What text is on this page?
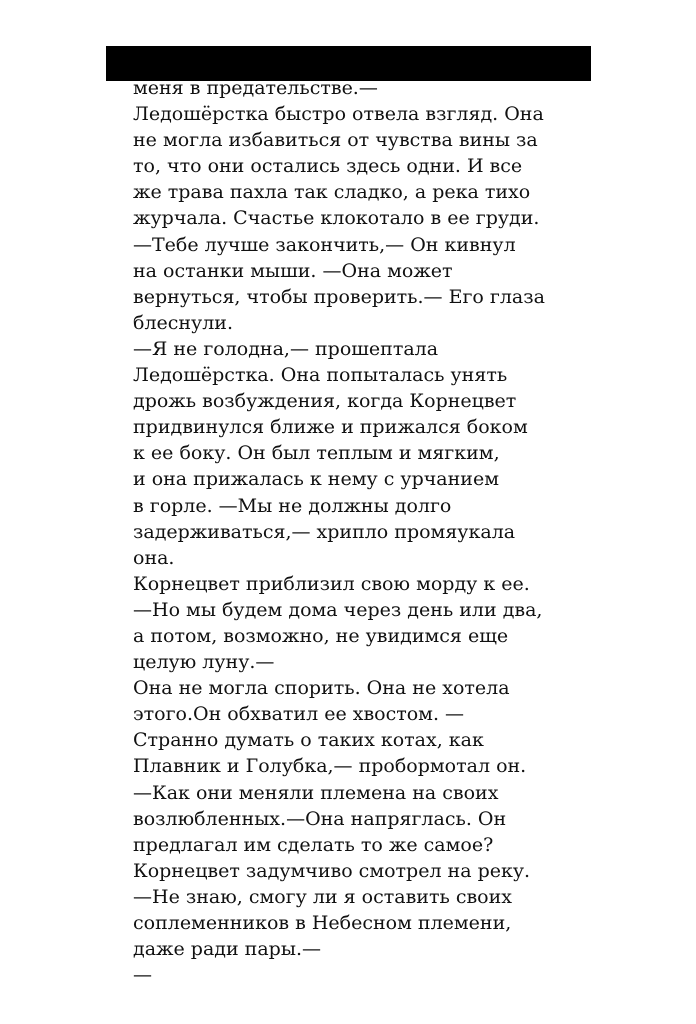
меня в предательстве.—
Ледошёрстка быстро отвела взгляд. Она
не могла избавиться от чувства вины за
то, что они остались здесь одни. И все
же трава пахла так сладко, а река тихо
журчала. Счастье клокотало в ее груди.
—Тебе лучше закончить,— Он кивнул
на останки мыши. —Она может
вернуться, чтобы проверить.— Его глаза
блеснули.
—Я не голодна,— прошептала
Ледошёрстка. Она попыталась унять
дрожь возбуждения, когда Корнецвет
придвинулся ближе и прижался боком
к ее боку. Он был теплым и мягким,
и она прижалась к нему с урчанием
в горле. —Мы не должны долго
задерживаться,— хрипло промяукала
она.
Корнецвет приблизил свою морду к ее.
—Но мы будем дома через день или два,
а потом, возможно, не увидимся еще
целую луну.—
Она не могла спорить. Она не хотела
этого.Он обхватил ее хвостом. —
Странно думать о таких котах, как
Плавник и Голубка,— пробормотал он.
—Как они меняли племена на своих
возлюбленных.—Она напряглась. Он
предлагал им сделать то же самое?
Корнецвет задумчиво смотрел на реку.
—Не знаю, смогу ли я оставить своих
соплеменников в Небесном племени,
даже ради пары.—
—
